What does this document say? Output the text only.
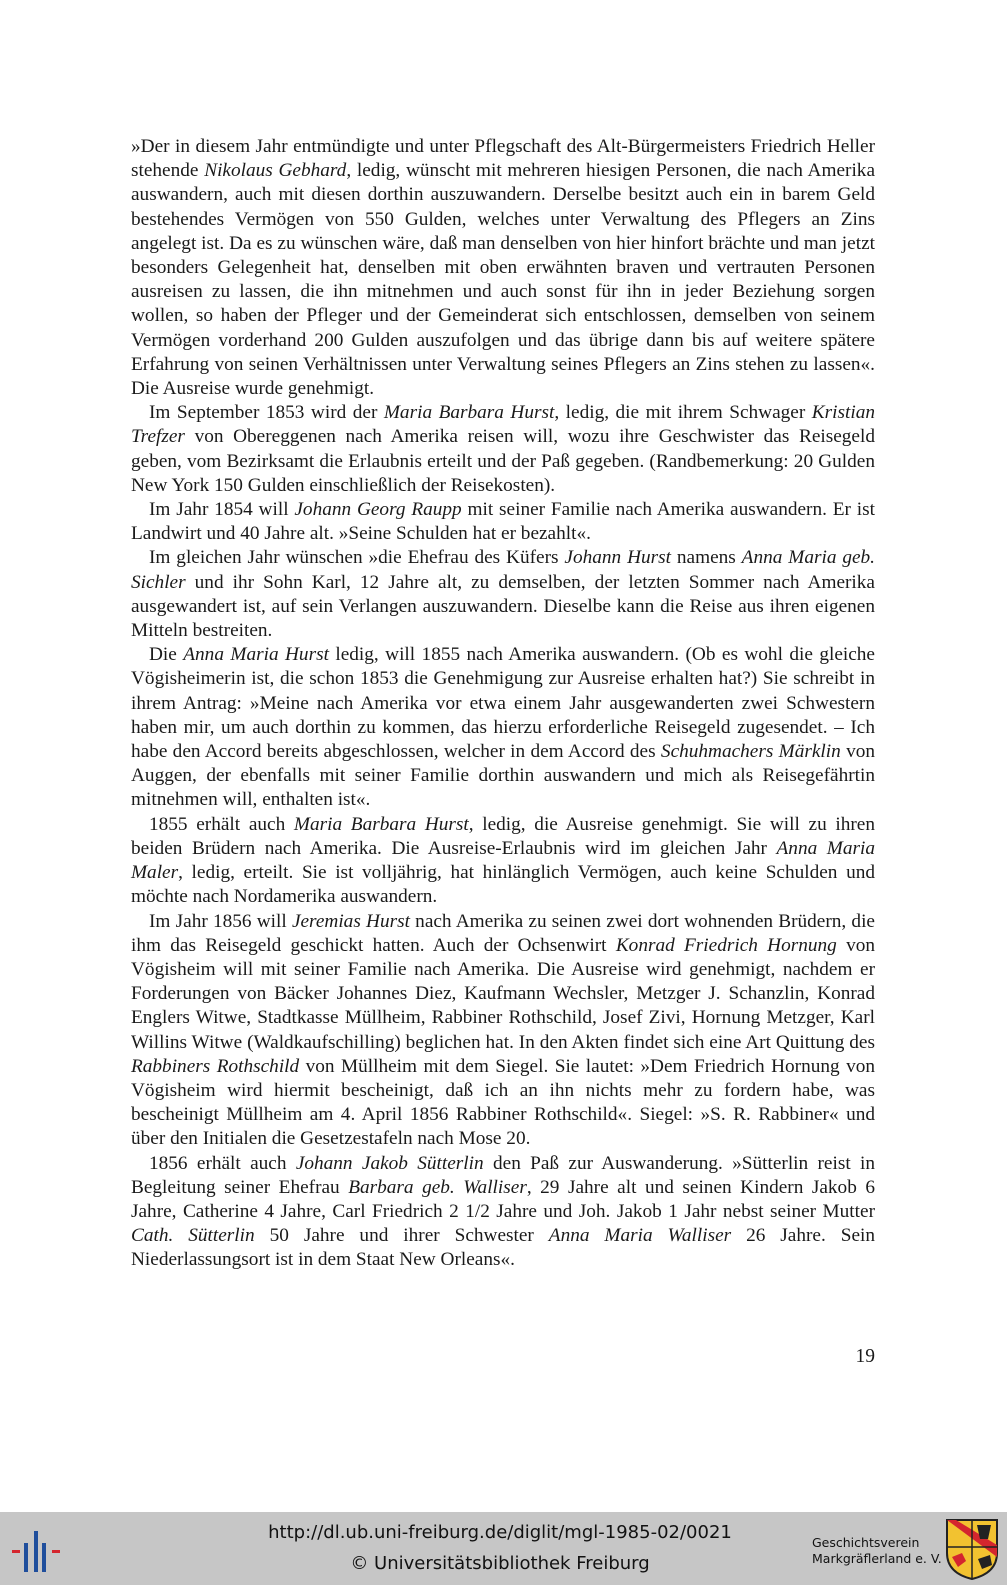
»Der in diesem Jahr entmündigte und unter Pflegschaft des Alt-Bürgermeisters Friedrich Heller stehende Nikolaus Gebhard, ledig, wünscht mit mehreren hiesigen Personen, die nach Amerika auswandern, auch mit diesen dorthin auszuwandern. Derselbe besitzt auch ein in barem Geld bestehendes Vermögen von 550 Gulden, welches unter Verwaltung des Pflegers an Zins angelegt ist. Da es zu wünschen wäre, daß man denselben von hier hinfort brächte und man jetzt besonders Gelegenheit hat, denselben mit oben erwähnten braven und vertrauten Personen ausreisen zu lassen, die ihn mitnehmen und auch sonst für ihn in jeder Beziehung sorgen wollen, so haben der Pfleger und der Gemeinderat sich entschlossen, demselben von seinem Vermögen vorderhand 200 Gulden auszufolgen und das übrige dann bis auf weitere spätere Erfahrung von seinen Verhältnissen unter Verwaltung seines Pflegers an Zins stehen zu lassen«. Die Ausreise wurde genehmigt.

Im September 1853 wird der Maria Barbara Hurst, ledig, die mit ihrem Schwager Kristian Trefzer von Obereggenen nach Amerika reisen will, wozu ihre Geschwister das Reisegeld geben, vom Bezirksamt die Erlaubnis erteilt und der Paß gegeben. (Randbemerkung: 20 Gulden New York 150 Gulden einschließlich der Reisekosten).

Im Jahr 1854 will Johann Georg Raupp mit seiner Familie nach Amerika auswandern. Er ist Landwirt und 40 Jahre alt. »Seine Schulden hat er bezahlt«.

Im gleichen Jahr wünschen »die Ehefrau des Küfers Johann Hurst namens Anna Maria geb. Sichler und ihr Sohn Karl, 12 Jahre alt, zu demselben, der letzten Sommer nach Amerika ausgewandert ist, auf sein Verlangen auszuwandern. Dieselbe kann die Reise aus ihren eigenen Mitteln bestreiten.

Die Anna Maria Hurst ledig, will 1855 nach Amerika auswandern. (Ob es wohl die gleiche Vögisheimerin ist, die schon 1853 die Genehmigung zur Ausreise erhalten hat?) Sie schreibt in ihrem Antrag: »Meine nach Amerika vor etwa einem Jahr ausgewanderten zwei Schwestern haben mir, um auch dorthin zu kommen, das hierzu erforderliche Reisegeld zugesendet. – Ich habe den Accord bereits abgeschlossen, welcher in dem Accord des Schuhmachers Märklin von Auggen, der ebenfalls mit seiner Familie dorthin auswandern und mich als Reisegefährtin mitnehmen will, enthalten ist«.

1855 erhält auch Maria Barbara Hurst, ledig, die Ausreise genehmigt. Sie will zu ihren beiden Brüdern nach Amerika. Die Ausreise-Erlaubnis wird im gleichen Jahr Anna Maria Maler, ledig, erteilt. Sie ist volljährig, hat hinlänglich Vermögen, auch keine Schulden und möchte nach Nordamerika auswandern.

Im Jahr 1856 will Jeremias Hurst nach Amerika zu seinen zwei dort wohnenden Brüdern, die ihm das Reisegeld geschickt hatten. Auch der Ochsenwirt Konrad Friedrich Hornung von Vögisheim will mit seiner Familie nach Amerika. Die Ausreise wird genehmigt, nachdem er Forderungen von Bäcker Johannes Diez, Kaufmann Wechsler, Metzger J. Schanzlin, Konrad Englers Witwe, Stadtkasse Müllheim, Rabbiner Rothschild, Josef Zivi, Hornung Metzger, Karl Willins Witwe (Waldkaufschilling) beglichen hat. In den Akten findet sich eine Art Quittung des Rabbiners Rothschild von Müllheim mit dem Siegel. Sie lautet: »Dem Friedrich Hornung von Vögisheim wird hiermit bescheinigt, daß ich an ihn nichts mehr zu fordern habe, was bescheinigt Müllheim am 4. April 1856 Rabbiner Rothschild«. Siegel: »S. R. Rabbiner« und über den Initialen die Gesetzestafeln nach Mose 20.

1856 erhält auch Johann Jakob Sütterlin den Paß zur Auswanderung. »Sütterlin reist in Begleitung seiner Ehefrau Barbara geb. Walliser, 29 Jahre alt und seinen Kindern Jakob 6 Jahre, Catherine 4 Jahre, Carl Friedrich 2 1/2 Jahre und Joh. Jakob 1 Jahr nebst seiner Mutter Cath. Sütterlin 50 Jahre und ihrer Schwester Anna Maria Walliser 26 Jahre. Sein Niederlassungsort ist in dem Staat New Orleans«.

19
http://dl.ub.uni-freiburg.de/diglit/mgl-1985-02/0021
© Universitätsbibliothek Freiburg
Geschichtsverein
Markgräflerland e. V.
